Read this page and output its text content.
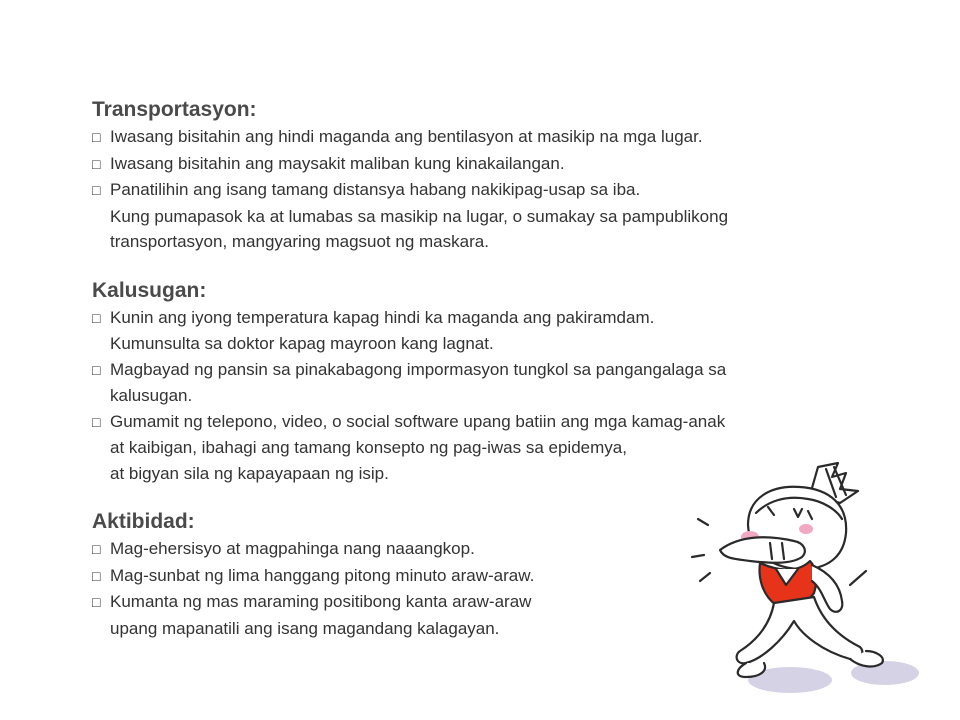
Transportasyon:

□ Iwasang bisitahin ang hindi maganda ang bentilasyon at masikip na mga lugar.

□ Iwasang bisitahin ang maysakit maliban kung kinakailangan.

□ Panatilihin ang isang tamang distansya habang nakikipag-usap sa iba.

Kung pumapasok ka at lumabas sa masikip na lugar, o sumakay sa pampublikong

transportasyon, mangyaring magsuot ng maskara.

Kalusugan:

□ Kunin ang iyong temperatura kapag hindi ka maganda ang pakiramdam.

Kumunsulta sa doktor kapag mayroon kang lagnat.

□ Magbayad ng pansin sa pinakabagong impormasyon tungkol sa pangangalaga sa

kalusugan.

□ Gumamit ng telepono, video, o social software upang batiin ang mga kamag-anak

at kaibigan, ibahagi ang tamang konsepto ng pag-iwas sa epidemya,

at bigyan sila ng kapayapaan ng isip.

Aktibidad:

□ Mag-ehersisyo at magpahinga nang naaangkop.

□ Mag-sunbat ng lima hanggang pitong minuto araw-araw.

□ Kumanta ng mas maraming positibong kanta araw-araw

upang mapanatili ang isang magandang kalagayan.
